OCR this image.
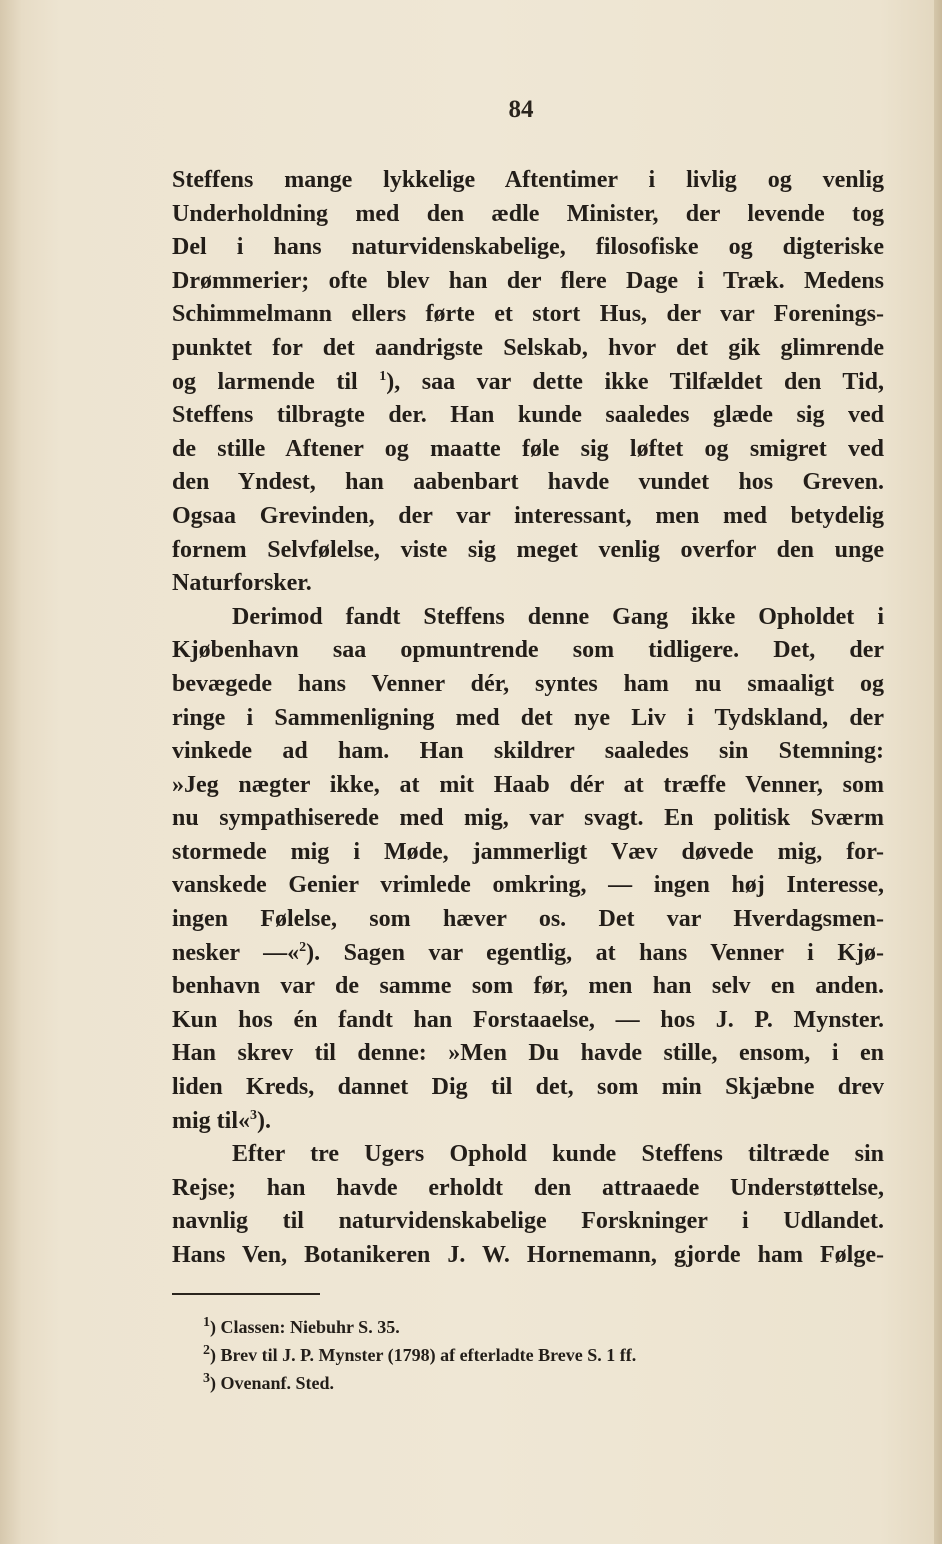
84
Steffens mange lykkelige Aftentimer i livlig og venlig
Underholdning med den ædle Minister, der levende tog
Del i hans naturvidenskabelige, filosofiske og digteriske
Drømmerier; ofte blev han der flere Dage i Træk. Medens
Schimmelmann ellers førte et stort Hus, der var Forenings-
punktet for det aandrigste Selskab, hvor det gik glimrende
og larmende til $^1$), saa var dette ikke Tilfældet den Tid,
Steffens tilbragte der. Han kunde saaledes glæde sig ved
de stille Aftener og maatte føle sig løftet og smigret ved
den Yndest, han aabenbart havde vundet hos Greven.
Ogsaa Grevinden, der var interessant, men med betydelig
fornem Selvfølelse, viste sig meget venlig overfor den unge
Naturforsker.
Derimod fandt Steffens denne Gang ikke Opholdet i
Kjøbenhavn saa opmuntrende som tidligere. Det, der
bevægede hans Venner dér, syntes ham nu smaaligt og
ringe i Sammenligning med det nye Liv i Tydskland, der
vinkede ad ham. Han skildrer saaledes sin Stemning:
»Jeg nægter ikke, at mit Haab dér at træffe Venner, som
nu sympathiserede med mig, var svagt. En politisk Sværm
stormede mig i Møde, jammerligt Væv døvede mig, for-
vanskede Genier vrimlede omkring, — ingen høj Interesse,
ingen Følelse, som hæver os. Det var Hverdagsmen-
nesker —«$^2$). Sagen var egentlig, at hans Venner i Kjø-
benhavn var de samme som før, men han selv en anden.
Kun hos én fandt han Forstaaelse, — hos J. P. Mynster.
Han skrev til denne: »Men Du havde stille, ensom, i en
liden Kreds, dannet Dig til det, som min Skjæbne drev
mig til«$^3$).
Efter tre Ugers Ophold kunde Steffens tiltræde sin
Rejse; han havde erholdt den attraaede Understøttelse,
navnlig til naturvidenskabelige Forskninger i Udlandet.
Hans Ven, Botanikeren J. W. Hornemann, gjorde ham Følge-
$^1$) Classen: Niebuhr S. 35.
$^2$) Brev til J. P. Mynster (1798) af efterladte Breve S. 1 ff.
$^3$) Ovenanf. Sted.
